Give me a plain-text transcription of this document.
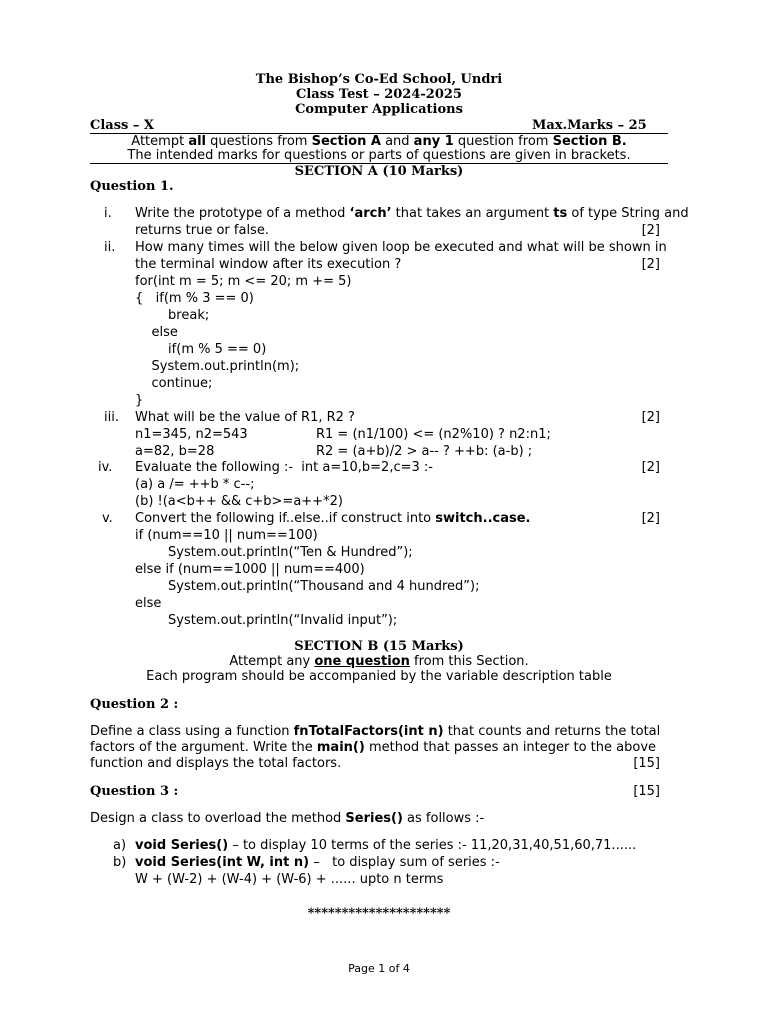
The Bishop’s Co-Ed School, Undri
Class Test – 2024-2025
Computer Applications
Class – X	Max.Marks – 25
Attempt all questions from Section A and any 1 question from Section B.
The intended marks for questions or parts of questions are given in brackets.
SECTION A (10 Marks)
Question 1.
i. Write the prototype of a method ‘arch’ that takes an argument ts of type String and
returns true or false.	[2]
ii. How many times will the below given loop be executed and what will be shown in
the terminal window after its execution ?	[2]
for(int m = 5; m <= 20; m += 5)
{   if(m % 3 == 0)
break;
else
if(m % 5 == 0)
System.out.println(m);
continue;
}
iii. What will be the value of R1, R2 ?	[2]
n1=345, n2=543	R1 = (n1/100) <= (n2%10) ? n2:n1;
a=82, b=28	R2 = (a+b)/2 > a-- ? ++b: (a-b) ;
iv. Evaluate the following :-  int a=10,b=2,c=3 :-	[2]
(a) a /= ++b * c--;
(b) !(a<b++ && c+b>=a++*2)
v. Convert the following if..else..if construct into switch..case.	[2]
if (num==10 || num==100)
System.out.println(“Ten & Hundred”);
else if (num==1000 || num==400)
System.out.println(“Thousand and 4 hundred”);
else
System.out.println(“Invalid input”);
SECTION B (15 Marks)
Attempt any one question from this Section.
Each program should be accompanied by the variable description table
Question 2 :
Define a class using a function fnTotalFactors(int n) that counts and returns the total
factors of the argument. Write the main() method that passes an integer to the above
function and displays the total factors.	[15]
Question 3 :	[15]
Design a class to overload the method Series() as follows :-
a) void Series() – to display 10 terms of the series :- 11,20,31,40,51,60,71......
b) void Series(int W, int n) –   to display sum of series :-
W + (W-2) + (W-4) + (W-6) + ...... upto n terms
*********************
Page 1 of 4
